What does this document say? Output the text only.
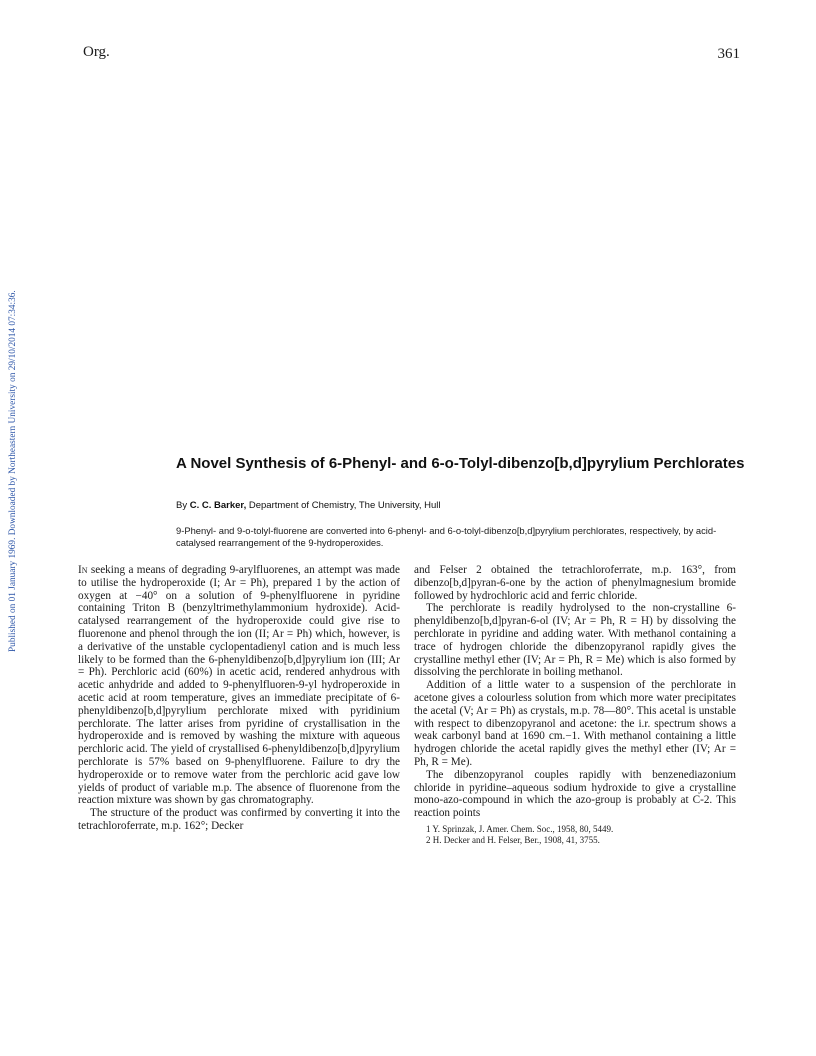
Org.	361
Published on 01 January 1969. Downloaded by Northeastern University on 29/10/2014 07:34:36.	A Novel Synthesis of 6-Phenyl- and 6-o-Tolyl-dibenzo[b,d]pyrylium Perchlorates
By C. C. Barker, Department of Chemistry, The University, Hull
9-Phenyl- and 9-o-tolyl-fluorene are converted into 6-phenyl- and 6-o-tolyl-dibenzo[b,d]pyrylium perchlorates, respectively, by acid-catalysed rearrangement of the 9-hydroperoxides.

In seeking a means of degrading 9-arylfluorenes, an attempt was made to utilise the hydroperoxide (I; Ar = Ph), prepared 1 by the action of oxygen at −40° on a solution of 9-phenylfluorene in pyridine containing Triton B (benzyltrimethylammonium hydroxide). Acid-catalysed rearrangement of the hydroperoxide could give rise to fluorenone and phenol through the ion (II; Ar = Ph) which, however, is a derivative of the unstable cyclopentadienyl cation and is much less likely to be formed than the 6-phenyldibenzo[b,d]pyrylium ion (III; Ar = Ph). Perchloric acid (60%) in acetic acid, rendered anhydrous with acetic anhydride and added to 9-phenylfluoren-9-yl hydroperoxide in acetic acid at room temperature, gives an immediate precipitate of 6-phenyldibenzo[b,d]pyrylium perchlorate mixed with pyridinium perchlorate. The latter arises from pyridine of crystallisation in the hydroperoxide and is removed by washing the mixture with aqueous perchloric acid. The yield of crystallised 6-phenyldibenzo[b,d]pyrylium perchlorate is 57% based on 9-phenylfluorene. Failure to dry the hydroperoxide or to remove water from the perchloric acid gave low yields of product of variable m.p. The absence of fluorenone from the reaction mixture was shown by gas chromatography.

The structure of the product was confirmed by converting it into the tetrachloroferrate, m.p. 162°; Decker

and Felser 2 obtained the tetrachloroferrate, m.p. 163°, from dibenzo[b,d]pyran-6-one by the action of phenylmagnesium bromide followed by hydrochloric acid and ferric chloride.

The perchlorate is readily hydrolysed to the non-crystalline 6-phenyldibenzo[b,d]pyran-6-ol (IV; Ar = Ph, R = H) by dissolving the perchlorate in pyridine and adding water. With methanol containing a trace of hydrogen chloride the dibenzopyranol rapidly gives the crystalline methyl ether (IV; Ar = Ph, R = Me) which is also formed by dissolving the perchlorate in boiling methanol.

Addition of a little water to a suspension of the perchlorate in acetone gives a colourless solution from which more water precipitates the acetal (V; Ar = Ph) as crystals, m.p. 78—80°. This acetal is unstable with respect to dibenzopyranol and acetone: the i.r. spectrum shows a weak carbonyl band at 1690 cm.−1. With methanol containing a little hydrogen chloride the acetal rapidly gives the methyl ether (IV; Ar = Ph, R = Me).

The dibenzopyranol couples rapidly with benzenediazonium chloride in pyridine–aqueous sodium hydroxide to give a crystalline mono-azo-compound in which the azo-group is probably at C-2. This reaction points

1 Y. Sprinzak, J. Amer. Chem. Soc., 1958, 80, 5449.
2 H. Decker and H. Felser, Ber., 1908, 41, 3755.
